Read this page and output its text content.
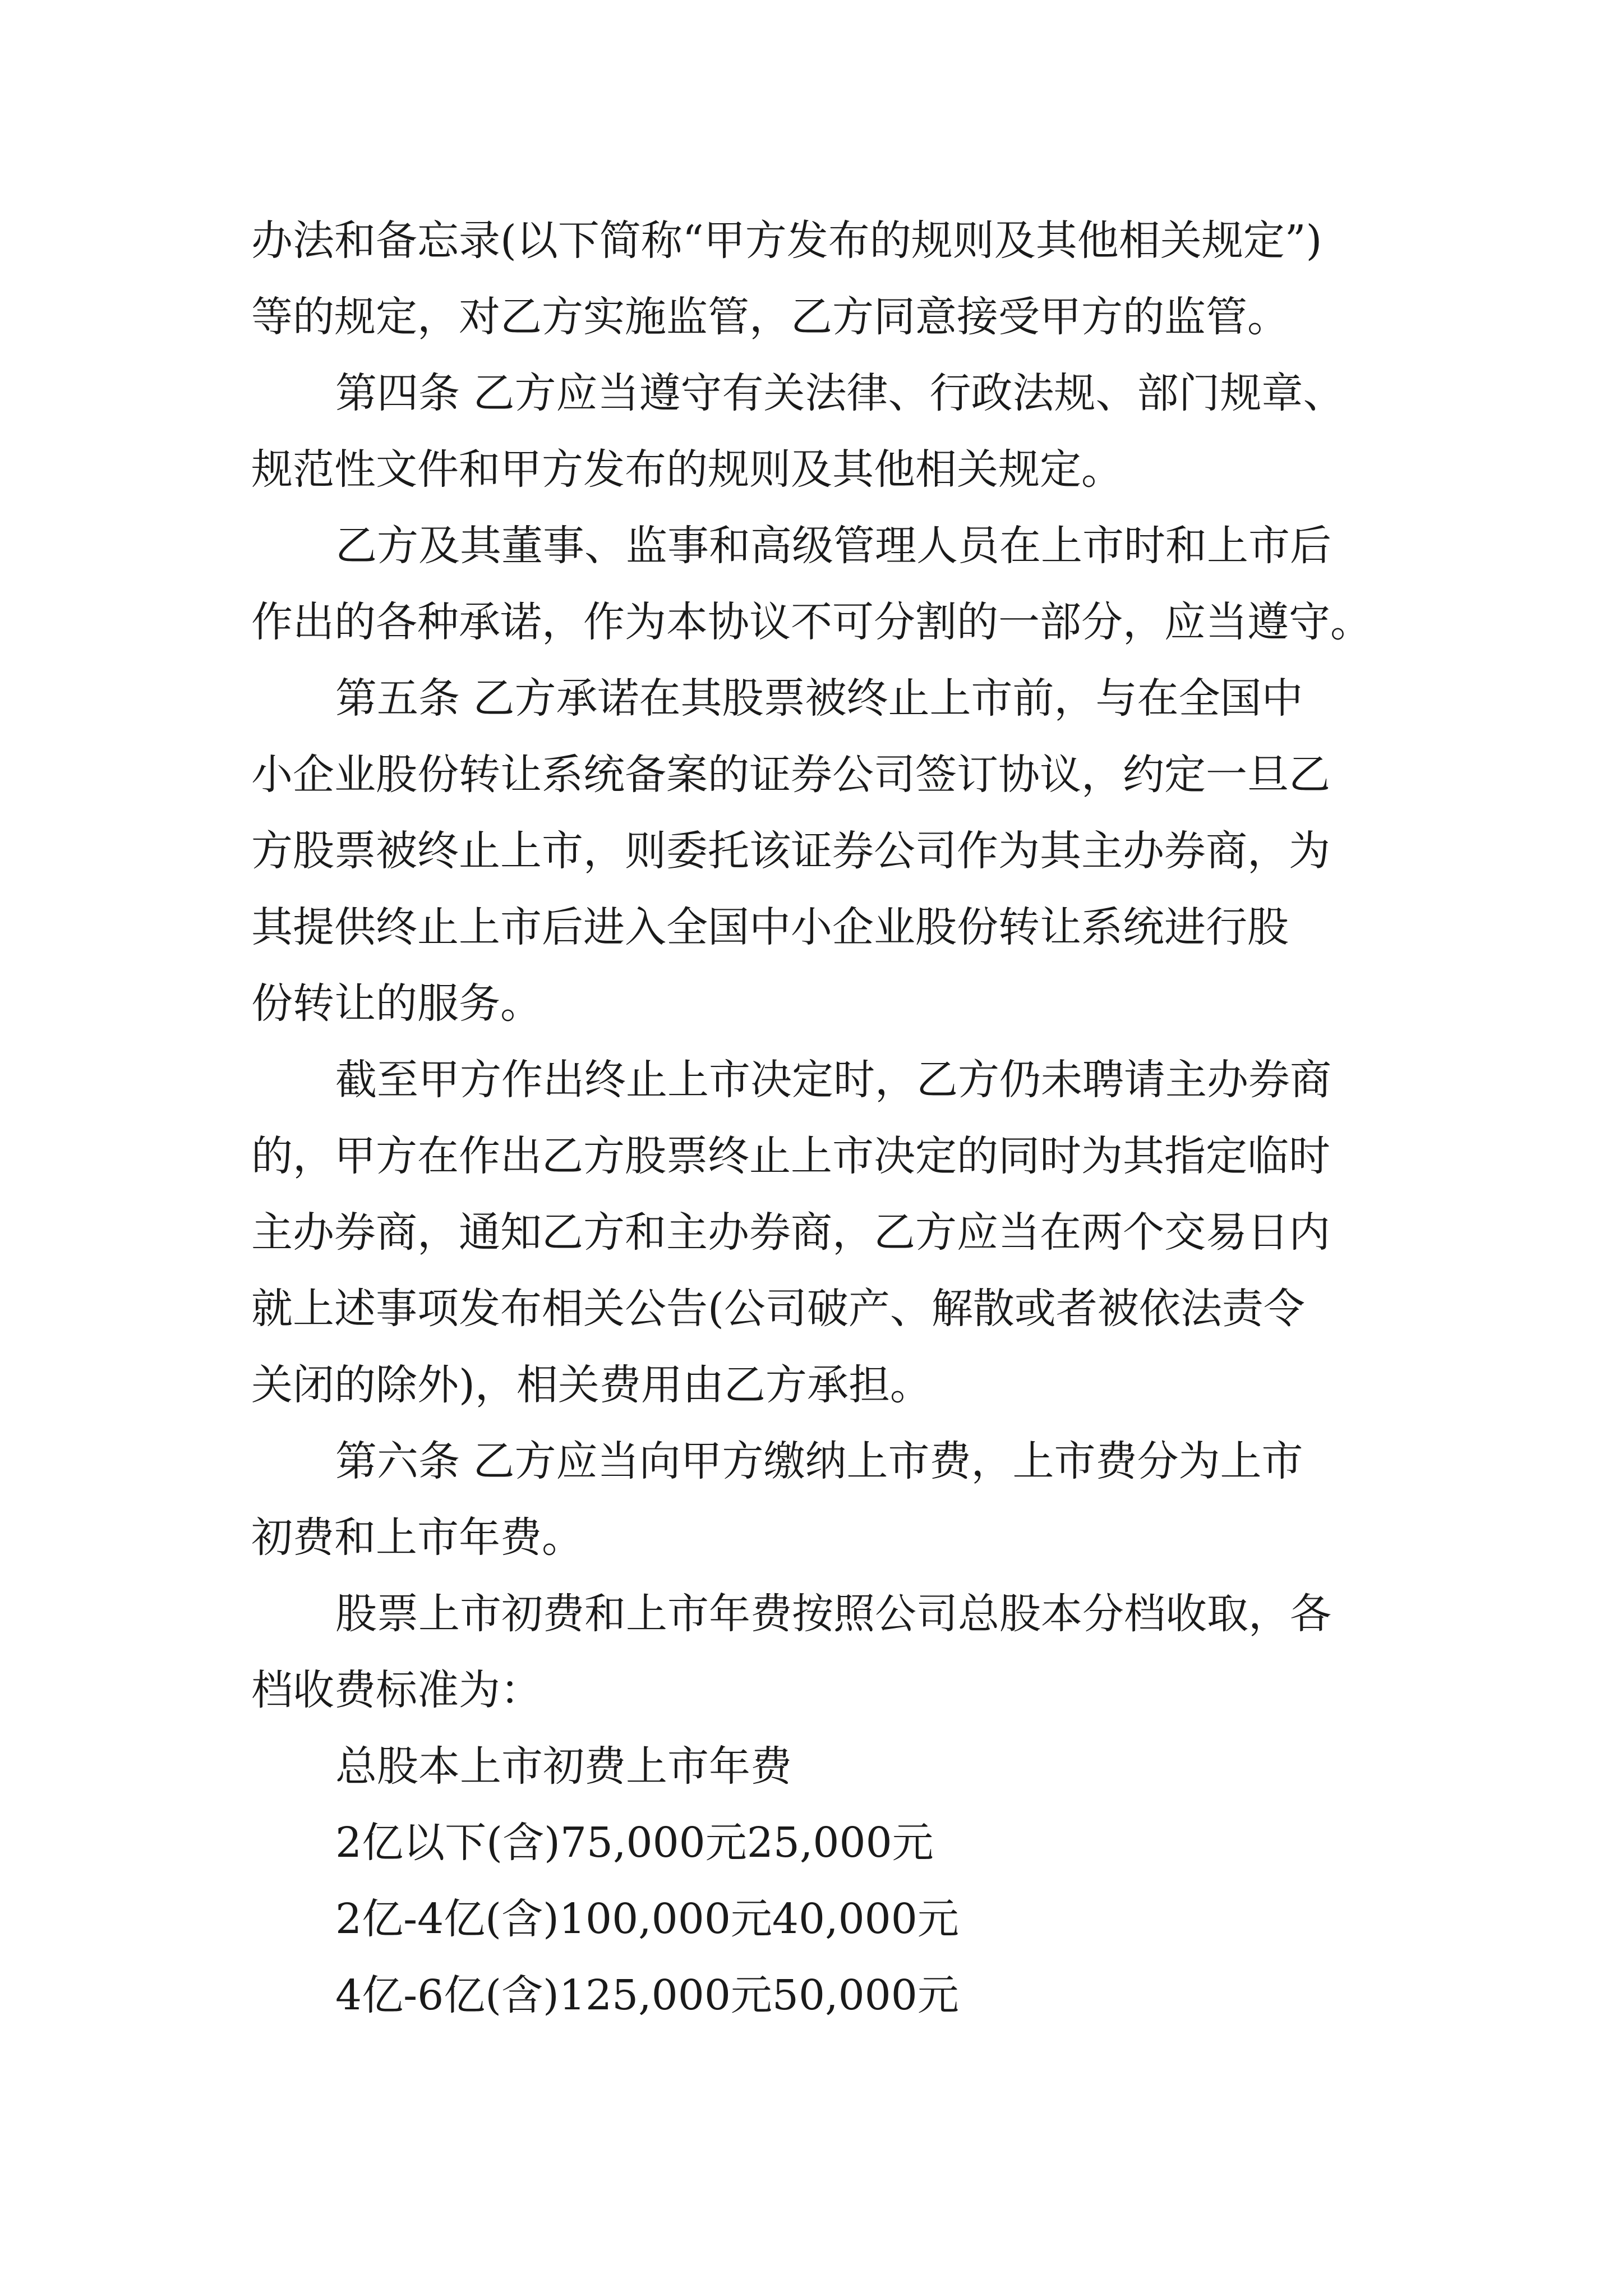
办法和备忘录(以下简称“甲方发布的规则及其他相关规定”)
等的规定，对乙方实施监管，乙方同意接受甲方的监管。
第四条 乙方应当遵守有关法律、行政法规、部门规章、
规范性文件和甲方发布的规则及其他相关规定。
乙方及其董事、监事和高级管理人员在上市时和上市后
作出的各种承诺，作为本协议不可分割的一部分，应当遵守。
第五条 乙方承诺在其股票被终止上市前，与在全国中
小企业股份转让系统备案的证券公司签订协议，约定一旦乙
方股票被终止上市，则委托该证券公司作为其主办券商，为
其提供终止上市后进入全国中小企业股份转让系统进行股
份转让的服务。
截至甲方作出终止上市决定时，乙方仍未聘请主办券商
的，甲方在作出乙方股票终止上市决定的同时为其指定临时
主办券商，通知乙方和主办券商，乙方应当在两个交易日内
就上述事项发布相关公告(公司破产、解散或者被依法责令
关闭的除外)，相关费用由乙方承担。
第六条 乙方应当向甲方缴纳上市费，上市费分为上市
初费和上市年费。
股票上市初费和上市年费按照公司总股本分档收取，各
档收费标准为：
总股本上市初费上市年费
2亿以下(含)75,000元25,000元
2亿-4亿(含)100,000元40,000元
4亿-6亿(含)125,000元50,000元
